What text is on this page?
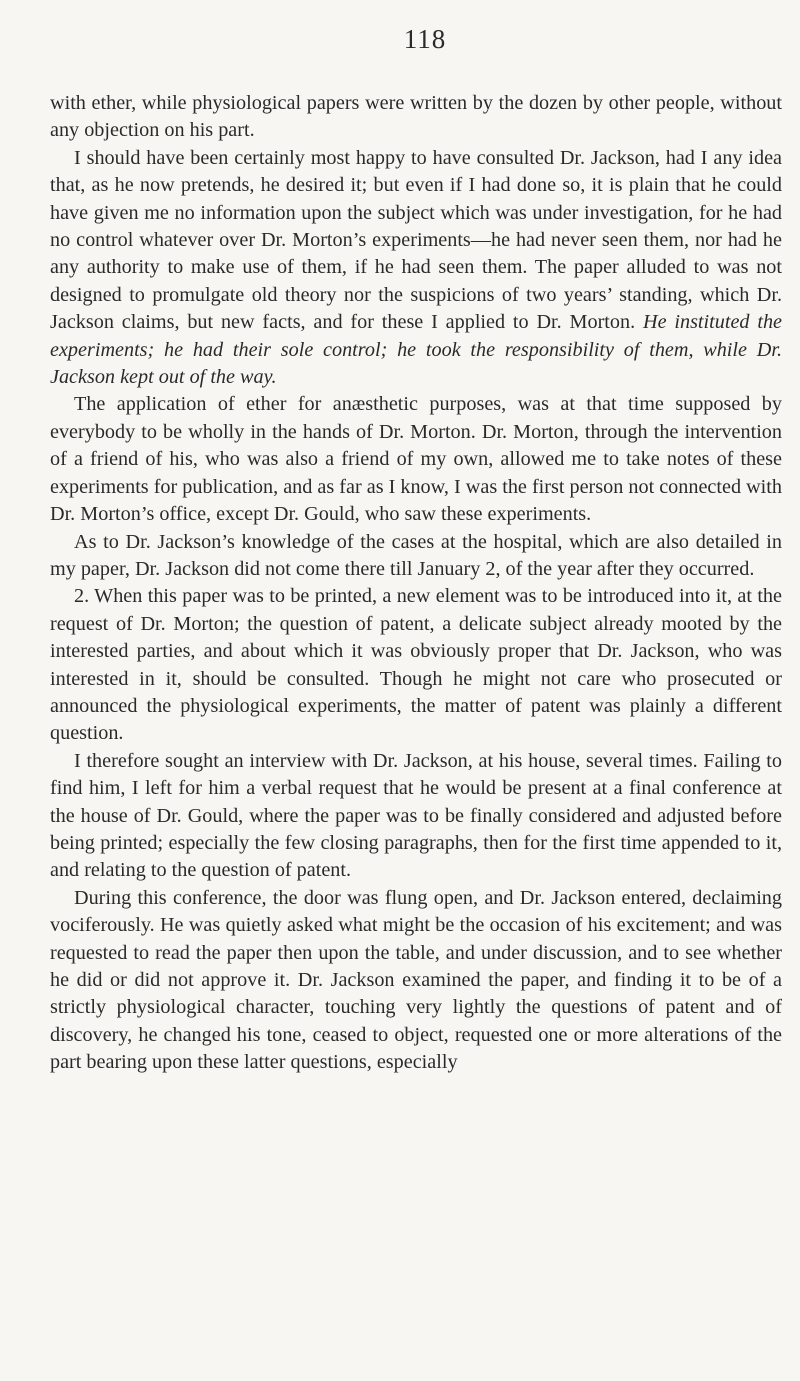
118

with ether, while physiological papers were written by the dozen by other people, without any objection on his part.

I should have been certainly most happy to have consulted Dr. Jackson, had I any idea that, as he now pretends, he desired it; but even if I had done so, it is plain that he could have given me no information upon the subject which was under investigation, for he had no control whatever over Dr. Morton’s experiments—he had never seen them, nor had he any authority to make use of them, if he had seen them. The paper alluded to was not designed to promulgate old theory nor the suspicions of two years’ standing, which Dr. Jackson claims, but new facts, and for these I applied to Dr. Morton. He instituted the experiments; he had their sole control; he took the responsibility of them, while Dr. Jackson kept out of the way.

The application of ether for anæsthetic purposes, was at that time supposed by everybody to be wholly in the hands of Dr. Morton. Dr. Morton, through the intervention of a friend of his, who was also a friend of my own, allowed me to take notes of these experiments for publication, and as far as I know, I was the first person not connected with Dr. Morton’s office, except Dr. Gould, who saw these experiments.

As to Dr. Jackson’s knowledge of the cases at the hospital, which are also detailed in my paper, Dr. Jackson did not come there till January 2, of the year after they occurred.

2. When this paper was to be printed, a new element was to be introduced into it, at the request of Dr. Morton; the question of patent, a delicate subject already mooted by the interested parties, and about which it was obviously proper that Dr. Jackson, who was interested in it, should be consulted. Though he might not care who prosecuted or announced the physiological experiments, the matter of patent was plainly a different question.

I therefore sought an interview with Dr. Jackson, at his house, several times. Failing to find him, I left for him a verbal request that he would be present at a final conference at the house of Dr. Gould, where the paper was to be finally considered and adjusted before being printed; especially the few closing paragraphs, then for the first time appended to it, and relating to the question of patent.

During this conference, the door was flung open, and Dr. Jackson entered, declaiming vociferously. He was quietly asked what might be the occasion of his excitement; and was requested to read the paper then upon the table, and under discussion, and to see whether he did or did not approve it. Dr. Jackson examined the paper, and finding it to be of a strictly physiological character, touching very lightly the questions of patent and of discovery, he changed his tone, ceased to object, requested one or more alterations of the part bearing upon these latter questions, especially
